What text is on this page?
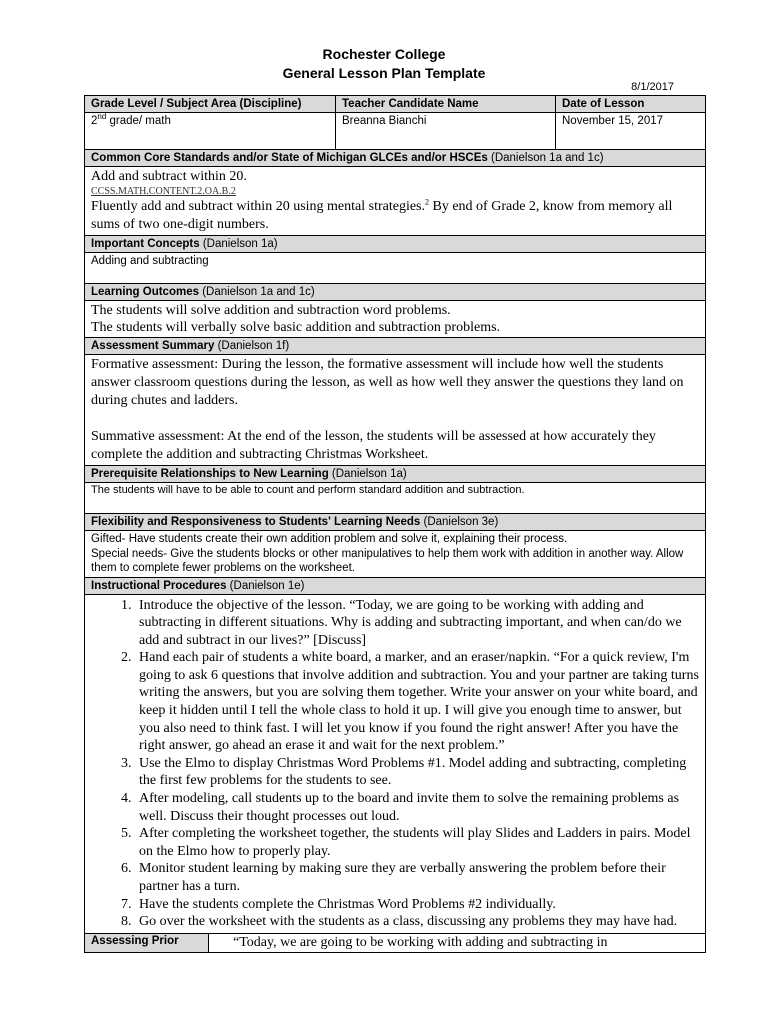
Rochester College
General Lesson Plan Template
8/1/2017
Grade Level / Subject Area (Discipline)	Teacher Candidate Name	Date of Lesson
2nd grade/ math	Breanna Bianchi	November 15, 2017
Common Core Standards and/or State of Michigan GLCEs and/or HSCEs (Danielson 1a and 1c)
Add and subtract within 20.
CCSS.MATH.CONTENT.2.OA.B.2
Fluently add and subtract within 20 using mental strategies.$^2$ By end of Grade 2, know from memory all sums of two one-digit numbers.
Important Concepts (Danielson 1a)
Adding and subtracting
Learning Outcomes (Danielson 1a and 1c)
The students will solve addition and subtraction word problems.
The students will verbally solve basic addition and subtraction problems.
Assessment Summary (Danielson 1f)
Formative assessment: During the lesson, the formative assessment will include how well the students answer classroom questions during the lesson, as well as how well they answer the questions they land on during chutes and ladders.
Summative assessment: At the end of the lesson, the students will be assessed at how accurately they complete the addition and subtracting Christmas Worksheet.
Prerequisite Relationships to New Learning (Danielson 1a)
The students will have to be able to count and perform standard addition and subtraction.
Flexibility and Responsiveness to Students' Learning Needs (Danielson 3e)
Gifted- Have students create their own addition problem and solve it, explaining their process.
Special needs- Give the students blocks or other manipulatives to help them work with addition in another way. Allow them to complete fewer problems on the worksheet.
Instructional Procedures (Danielson 1e)
1. Introduce the objective of the lesson. “Today, we are going to be working with adding and subtracting in different situations. Why is adding and subtracting important, and when can/do we add and subtract in our lives?” [Discuss]
2. Hand each pair of students a white board, a marker, and an eraser/napkin. “For a quick review, I'm going to ask 6 questions that involve addition and subtraction. You and your partner are taking turns writing the answers, but you are solving them together. Write your answer on your white board, and keep it hidden until I tell the whole class to hold it up. I will give you enough time to answer, but you also need to think fast. I will let you know if you found the right answer! After you have the right answer, go ahead an erase it and wait for the next problem.”
3. Use the Elmo to display Christmas Word Problems #1. Model adding and subtracting, completing the first few problems for the students to see.
4. After modeling, call students up to the board and invite them to solve the remaining problems as well. Discuss their thought processes out loud.
5. After completing the worksheet together, the students will play Slides and Ladders in pairs. Model on the Elmo how to properly play.
6. Monitor student learning by making sure they are verbally answering the problem before their partner has a turn.
7. Have the students complete the Christmas Word Problems #2 individually.
8. Go over the worksheet with the students as a class, discussing any problems they may have had.
Assessing Prior	“Today, we are going to be working with adding and subtracting in
